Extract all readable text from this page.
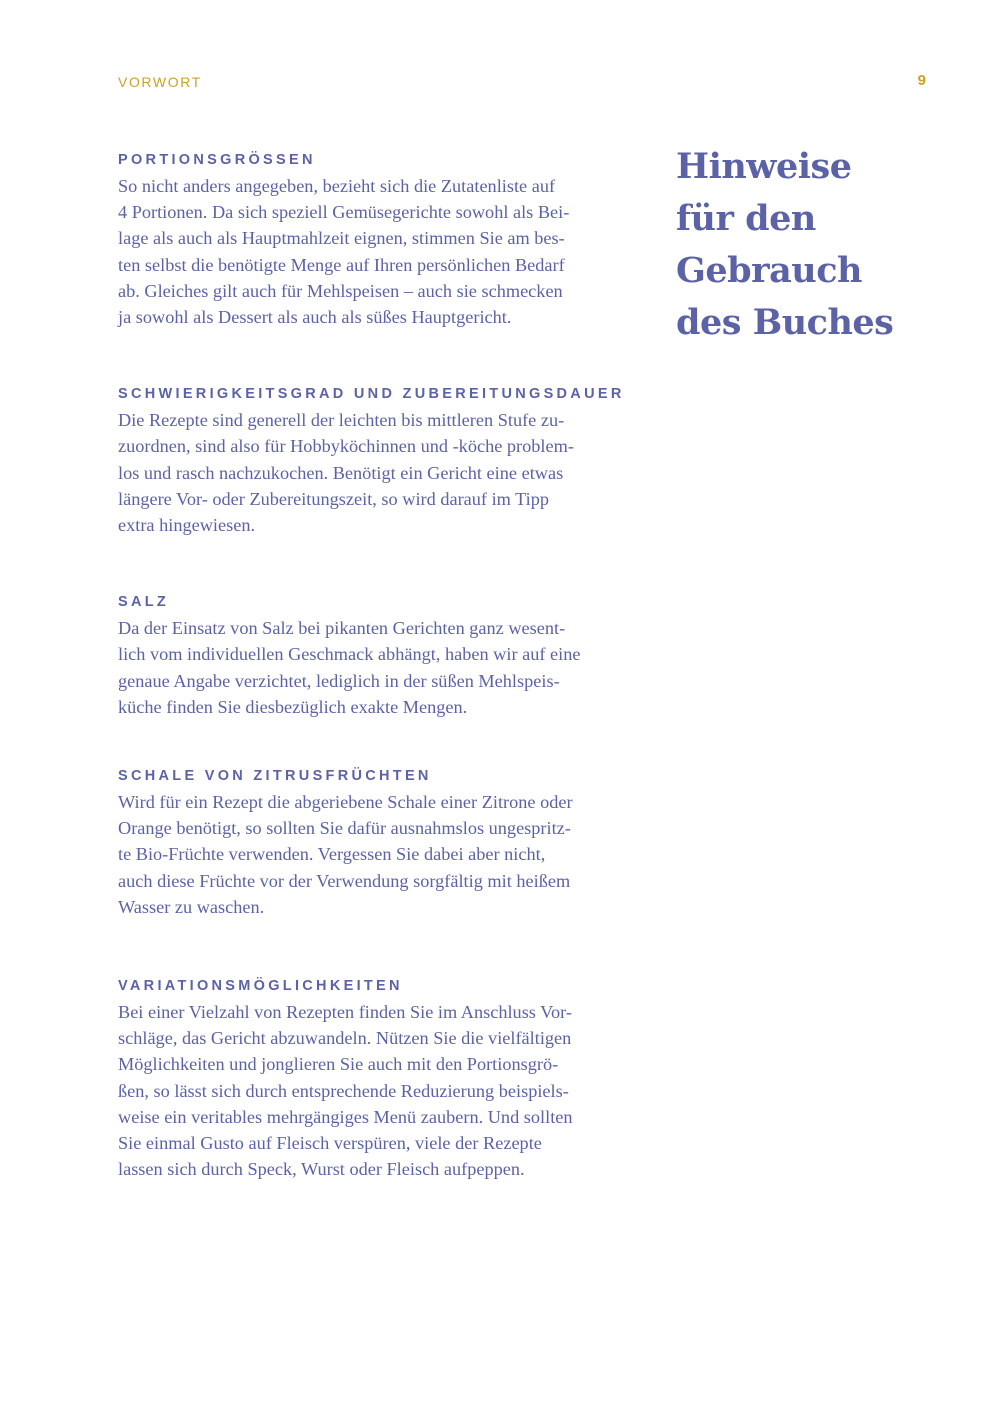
VORWORT	9
Hinweise
für den
Gebrauch
des Buches
PORTIONSGRÖSSEN

So nicht anders angegeben, bezieht sich die Zutatenliste auf
4 Portionen. Da sich speziell Gemüsegerichte sowohl als Bei-
lage als auch als Hauptmahlzeit eignen, stimmen Sie am bes-
ten selbst die benötigte Menge auf Ihren persönlichen Bedarf
ab. Gleiches gilt auch für Mehlspeisen – auch sie schmecken
ja sowohl als Dessert als auch als süßes Hauptgericht.

SCHWIERIGKEITSGRAD UND ZUBEREITUNGSDAUER

Die Rezepte sind generell der leichten bis mittleren Stufe zu-
zuordnen, sind also für Hobbyköchinnen und -köche problem-
los und rasch nachzukochen. Benötigt ein Gericht eine etwas
längere Vor- oder Zubereitungszeit, so wird darauf im Tipp
extra hingewiesen.

SALZ

Da der Einsatz von Salz bei pikanten Gerichten ganz wesent-
lich vom individuellen Geschmack abhängt, haben wir auf eine
genaue Angabe verzichtet, lediglich in der süßen Mehlspeis-
küche finden Sie diesbezüglich exakte Mengen.

SCHALE VON ZITRUSFRÜCHTEN

Wird für ein Rezept die abgeriebene Schale einer Zitrone oder
Orange benötigt, so sollten Sie dafür ausnahmslos ungespritz-
te Bio-Früchte verwenden. Vergessen Sie dabei aber nicht,
auch diese Früchte vor der Verwendung sorgfältig mit heißem
Wasser zu waschen.

VARIATIONSMÖGLICHKEITEN

Bei einer Vielzahl von Rezepten finden Sie im Anschluss Vor-
schläge, das Gericht abzuwandeln. Nützen Sie die vielfältigen
Möglichkeiten und jonglieren Sie auch mit den Portionsgrö-
ßen, so lässt sich durch entsprechende Reduzierung beispiels-
weise ein veritables mehrgängiges Menü zaubern. Und sollten
Sie einmal Gusto auf Fleisch verspüren, viele der Rezepte
lassen sich durch Speck, Wurst oder Fleisch aufpeppen.
